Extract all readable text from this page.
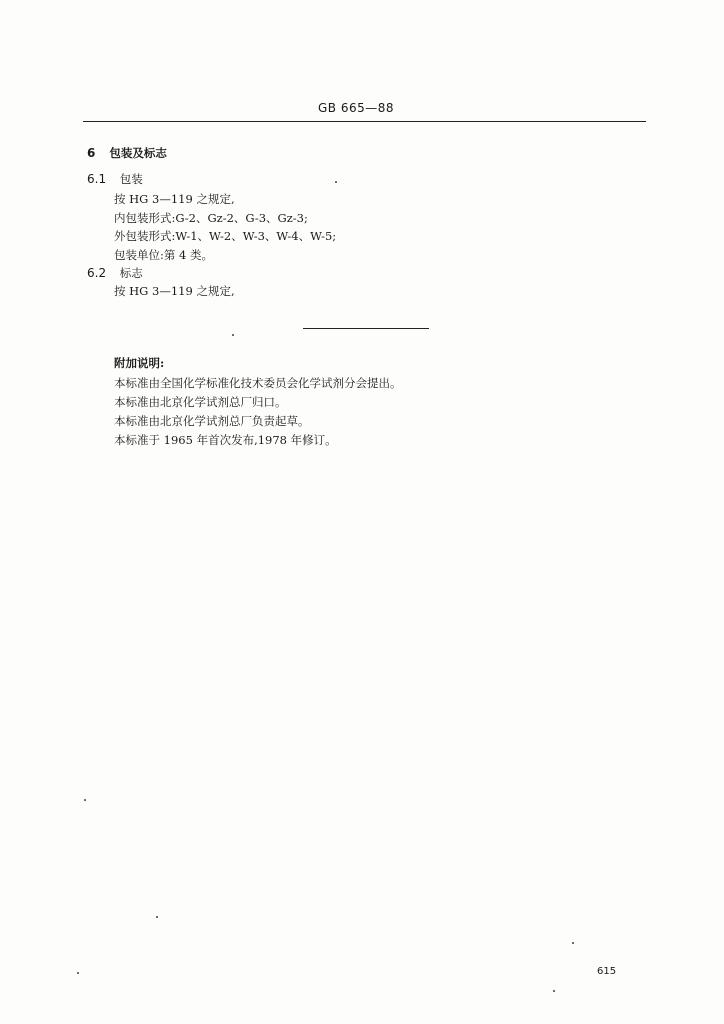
GB 665—88
6 包装及标志
6.1 包装
按 HG 3—119 之规定,
内包装形式:G-2、Gz-2、G-3、Gz-3;
外包装形式:W-1、W-2、W-3、W-4、W-5;
包装单位:第 4 类。
6.2 标志
按 HG 3—119 之规定,
附加说明:
本标准由全国化学标准化技术委员会化学试剂分会提出。
本标准由北京化学试剂总厂归口。
本标准由北京化学试剂总厂负责起草。
本标准于 1965 年首次发布,1978 年修订。
615
